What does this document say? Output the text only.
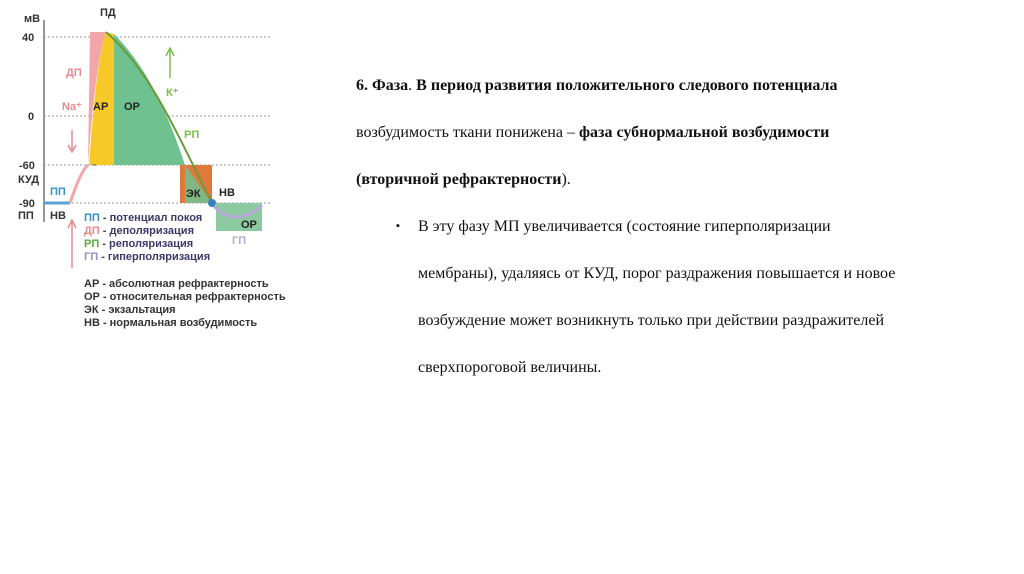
мВ	ПД
40
0
-60
-90
КУД
ПП
ПП НВ
ДП
Na⁺ АР ОР
К⁺
РП
ЭК НВ
ОР
ГП
ПП - потенциал покоя
ДП - деполяризация
РП - реполяризация
ГП - гиперполяризация
АР - абсолютная рефрактерность
ОР - относительная рефрактерность
ЭК - экзальтация
НВ - нормальная возбудимость

6. Фаза. В период развития положительного следового потенциала

возбудимость ткани понижена – фаза субнормальной возбудимости

(вторичной рефрактерности).

▪ В эту фазу МП увеличивается (состояние гиперполяризации
мембраны), удаляясь от КУД, порог раздражения повышается и новое
возбуждение может возникнуть только при действии раздражителей
сверхпороговой величины.
